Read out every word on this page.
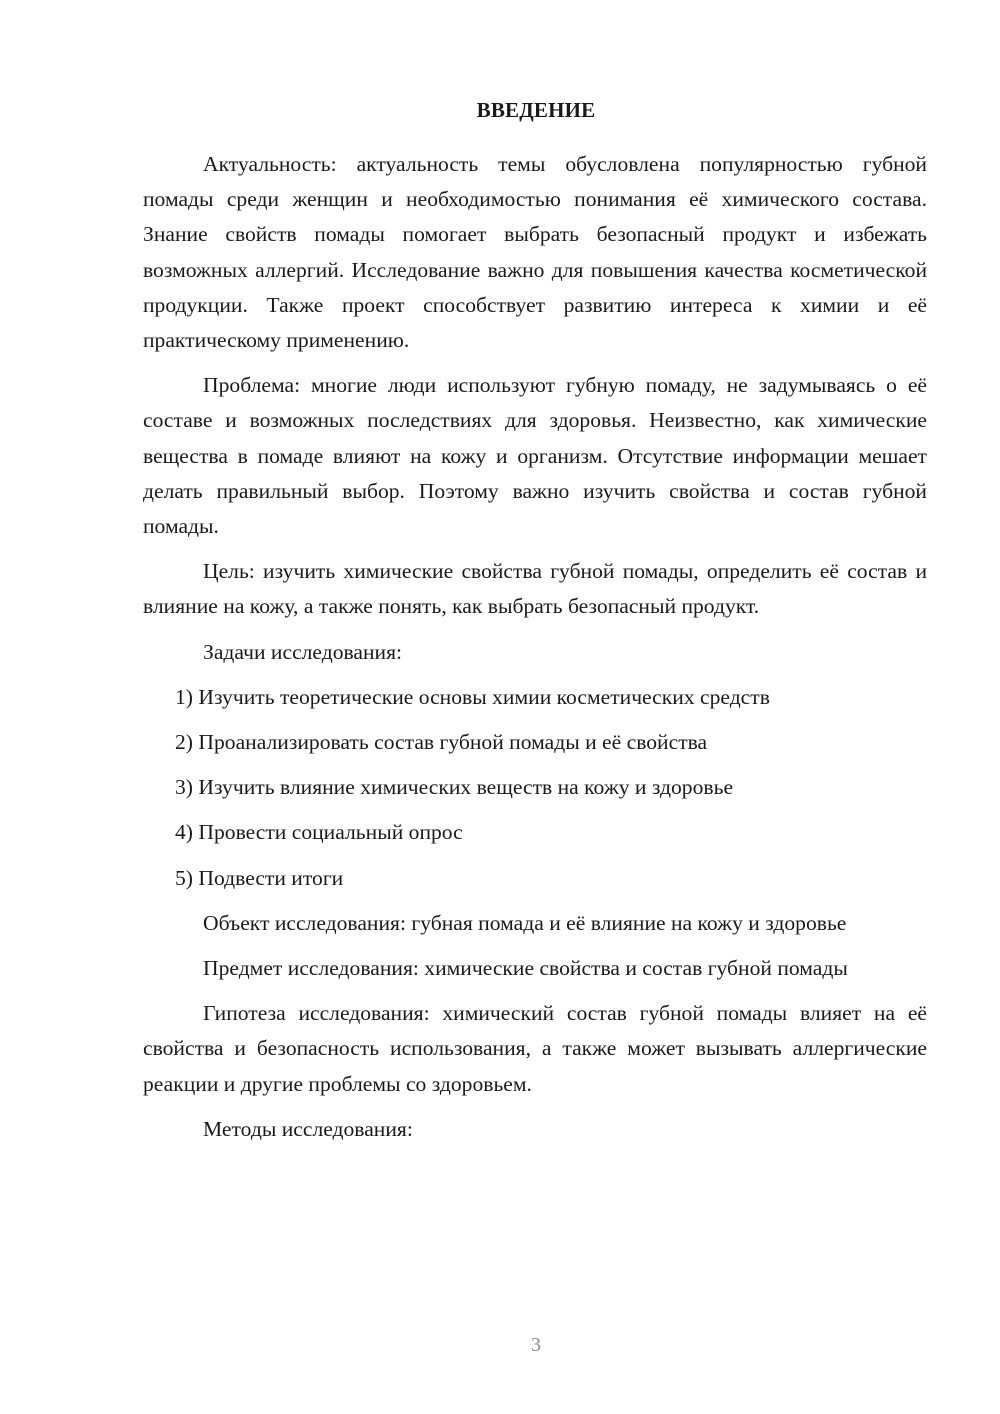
ВВЕДЕНИЕ

Актуальность: актуальность темы обусловлена популярностью губной помады среди женщин и необходимостью понимания её химического состава. Знание свойств помады помогает выбрать безопасный продукт и избежать возможных аллергий. Исследование важно для повышения качества косметической продукции. Также проект способствует развитию интереса к химии и её практическому применению.

Проблема: многие люди используют губную помаду, не задумываясь о её составе и возможных последствиях для здоровья. Неизвестно, как химические вещества в помаде влияют на кожу и организм. Отсутствие информации мешает делать правильный выбор. Поэтому важно изучить свойства и состав губной помады.

Цель: изучить химические свойства губной помады, определить её состав и влияние на кожу, а также понять, как выбрать безопасный продукт.

Задачи исследования:

1) Изучить теоретические основы химии косметических средств
2) Проанализировать состав губной помады и её свойства
3) Изучить влияние химических веществ на кожу и здоровье
4) Провести социальный опрос
5) Подвести итоги

Объект исследования: губная помада и её влияние на кожу и здоровье

Предмет исследования: химические свойства и состав губной помады

Гипотеза исследования: химический состав губной помады влияет на её свойства и безопасность использования, а также может вызывать аллергические реакции и другие проблемы со здоровьем.

Методы исследования:

3
